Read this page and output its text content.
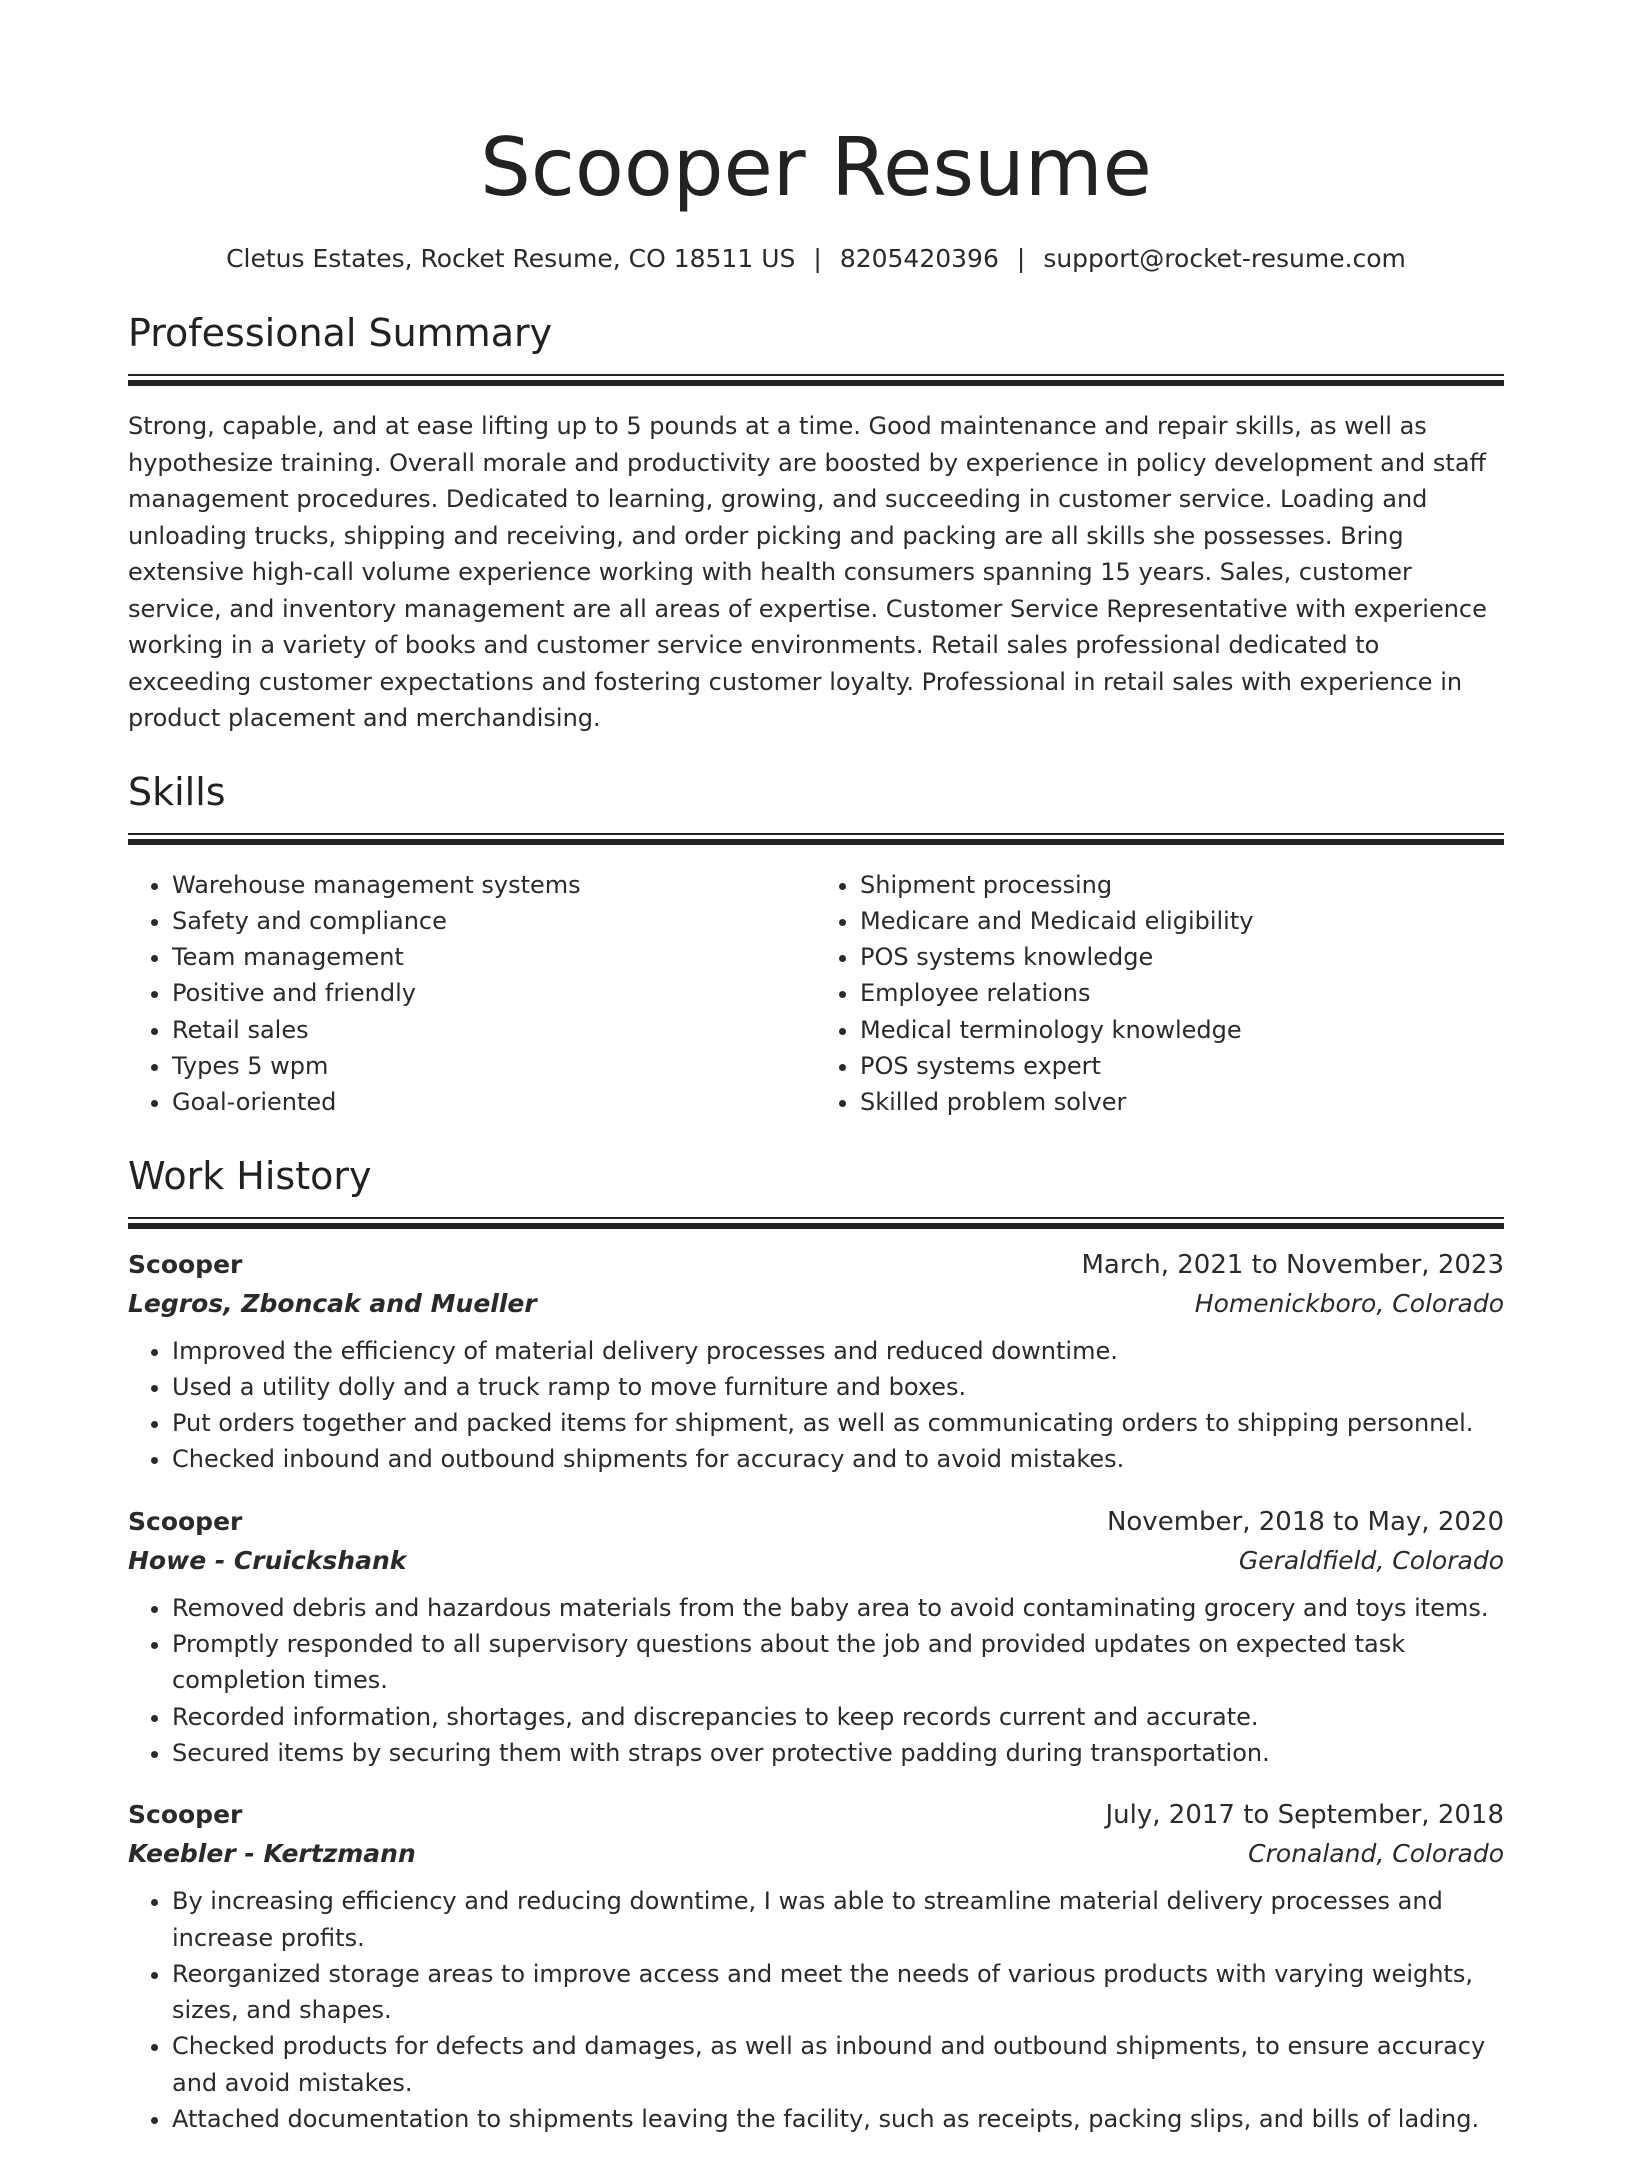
Scooper Resume
Cletus Estates, Rocket Resume, CO 18511 US | 8205420396 | support@rocket-resume.com
Professional Summary

Strong, capable, and at ease lifting up to 5 pounds at a time. Good maintenance and repair skills, as well as hypothesize training. Overall morale and productivity are boosted by experience in policy development and staff management procedures. Dedicated to learning, growing, and succeeding in customer service. Loading and unloading trucks, shipping and receiving, and order picking and packing are all skills she possesses. Bring extensive high-call volume experience working with health consumers spanning 15 years. Sales, customer service, and inventory management are all areas of expertise. Customer Service Representative with experience working in a variety of books and customer service environments. Retail sales professional dedicated to exceeding customer expectations and fostering customer loyalty. Professional in retail sales with experience in product placement and merchandising.

Skills
• Warehouse management systems
• Safety and compliance
• Team management
• Positive and friendly
• Retail sales
• Types 5 wpm
• Goal-oriented
• Shipment processing
• Medicare and Medicaid eligibility
• POS systems knowledge
• Employee relations
• Medical terminology knowledge
• POS systems expert
• Skilled problem solver
Work History
Scooper	March, 2021 to November, 2023
Legros, Zboncak and Mueller	Homenickboro, Colorado
• Improved the efficiency of material delivery processes and reduced downtime.
• Used a utility dolly and a truck ramp to move furniture and boxes.
• Put orders together and packed items for shipment, as well as communicating orders to shipping personnel.
• Checked inbound and outbound shipments for accuracy and to avoid mistakes.
Scooper	November, 2018 to May, 2020
Howe - Cruickshank	Geraldfield, Colorado
• Removed debris and hazardous materials from the baby area to avoid contaminating grocery and toys items.
• Promptly responded to all supervisory questions about the job and provided updates on expected task completion times.
• Recorded information, shortages, and discrepancies to keep records current and accurate.
• Secured items by securing them with straps over protective padding during transportation.
Scooper	July, 2017 to September, 2018
Keebler - Kertzmann	Cronaland, Colorado
• By increasing efficiency and reducing downtime, I was able to streamline material delivery processes and increase profits.
• Reorganized storage areas to improve access and meet the needs of various products with varying weights, sizes, and shapes.
• Checked products for defects and damages, as well as inbound and outbound shipments, to ensure accuracy and avoid mistakes.
• Attached documentation to shipments leaving the facility, such as receipts, packing slips, and bills of lading.
